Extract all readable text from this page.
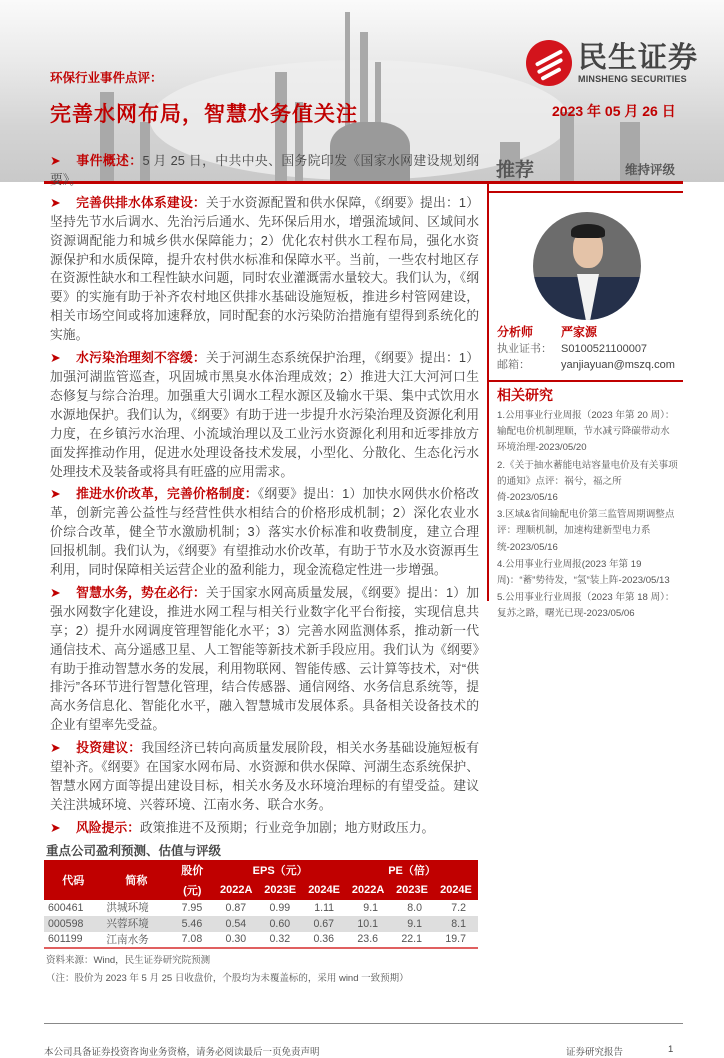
民生证券
MINSHENG SECURITIES
环保行业事件点评：
完善水网布局，智慧水务值关注	2023 年 05 月 26 日

➤ 事件概述：5 月 25 日，中共中央、国务院印发《国家水网建设规划纲要》。

➤ 完善供排水体系建设：关于水资源配置和供水保障，《纲要》提出：1）坚持先节水后调水、先治污后通水、先环保后用水，增强流域间、区域间水资源调配能力和城乡供水保障能力；2）优化农村供水工程布局，强化水资源保护和水质保障，提升农村供水标准和保障水平。当前，一些农村地区存在资源性缺水和工程性缺水问题，同时农业灌溉需水量较大。我们认为，《纲要》的实施有助于补齐农村地区供排水基础设施短板，推进乡村管网建设，相关市场空间或将加速释放，同时配套的水污染防治措施有望得到系统化的实施。

➤ 水污染治理刻不容缓：关于河湖生态系统保护治理，《纲要》提出：1）加强河湖监管巡查，巩固城市黑臭水体治理成效；2）推进大江大河河口生态修复与综合治理。加强重大引调水工程水源区及输水干渠、集中式饮用水水源地保护。我们认为，《纲要》有助于进一步提升水污染治理及资源化利用力度，在乡镇污水治理、小流域治理以及工业污水资源化利用和近零排放方面发挥推动作用，促进水处理设备技术发展，小型化、分散化、生态化污水处理技术及装备或将具有旺盛的应用需求。

➤ 推进水价改革，完善价格制度：《纲要》提出：1）加快水网供水价格改革，创新完善公益性与经营性供水相结合的价格形成机制；2）深化农业水价综合改革，健全节水激励机制；3）落实水价标准和收费制度，建立合理回报机制。我们认为，《纲要》有望推动水价改革，有助于节水及水资源再生利用，同时保障相关运营企业的盈利能力，现金流稳定性进一步增强。

➤ 智慧水务，势在必行：关于国家水网高质量发展，《纲要》提出：1）加强水网数字化建设，推进水网工程与相关行业数字化平台衔接，实现信息共享；2）提升水网调度管理智能化水平；3）完善水网监测体系，推动新一代通信技术、高分遥感卫星、人工智能等新技术新手段应用。我们认为《纲要》有助于推动智慧水务的发展，利用物联网、智能传感、云计算等技术，对“供排污”各环节进行智慧化管理，结合传感器、通信网络、水务信息系统等，提高水务信息化、智能化水平，融入智慧城市发展体系。具备相关设备技术的企业有望率先受益。

➤ 投资建议：我国经济已转向高质量发展阶段，相关水务基础设施短板有望补齐。《纲要》在国家水网布局、水资源和供水保障、河湖生态系统保护、智慧水网方面等提出建设目标，相关水务及水环境治理标的有望受益。建议关注洪城环境、兴蓉环境、江南水务、联合水务。

➤ 风险提示：政策推进不及预期；行业竞争加剧；地方财政压力。

重点公司盈利预测、估值与评级
代码	简称	股价	EPS（元）			PE（倍）		
		(元)	2022A	2023E	2024E	2022A	2023E	2024E
600461	洪城环境	7.95	0.87	0.99	1.11	9.1	8.0	7.2
000598	兴蓉环境	5.46	0.54	0.60	0.67	10.1	9.1	8.1
601199	江南水务	7.08	0.30	0.32	0.36	23.6	22.1	19.7
资料来源：Wind，民生证券研究院预测
（注：股价为 2023 年 5 月 25 日收盘价，个股均为未覆盖标的，采用 wind 一致预期）
本公司具备证券投资咨询业务资格，请务必阅读最后一页免责声明	证券研究报告	1
推荐	维持评级
分析师 严家源
执业证书： S0100521100007
邮箱：	yanjiayuan@mszq.com
相关研究
1.公用事业行业周报（2023 年第 20 周）：输配电价机制理顺，节水减亏降碳带动水环境治理-2023/05/20
2.《关于抽水蓄能电站容量电价及有关事项的通知》点评：祸兮，福之所倚-2023/05/16
3.区域&省间输配电价第三监管周期调整点评：理顺机制，加速构建新型电力系统-2023/05/16
4.公用事业行业周报(2023 年第 19 周)：“蓄”势待发，“氢”装上阵-2023/05/13
5.公用事业行业周报（2023 年第 18 周）：复苏之路，曙光已现-2023/05/06
